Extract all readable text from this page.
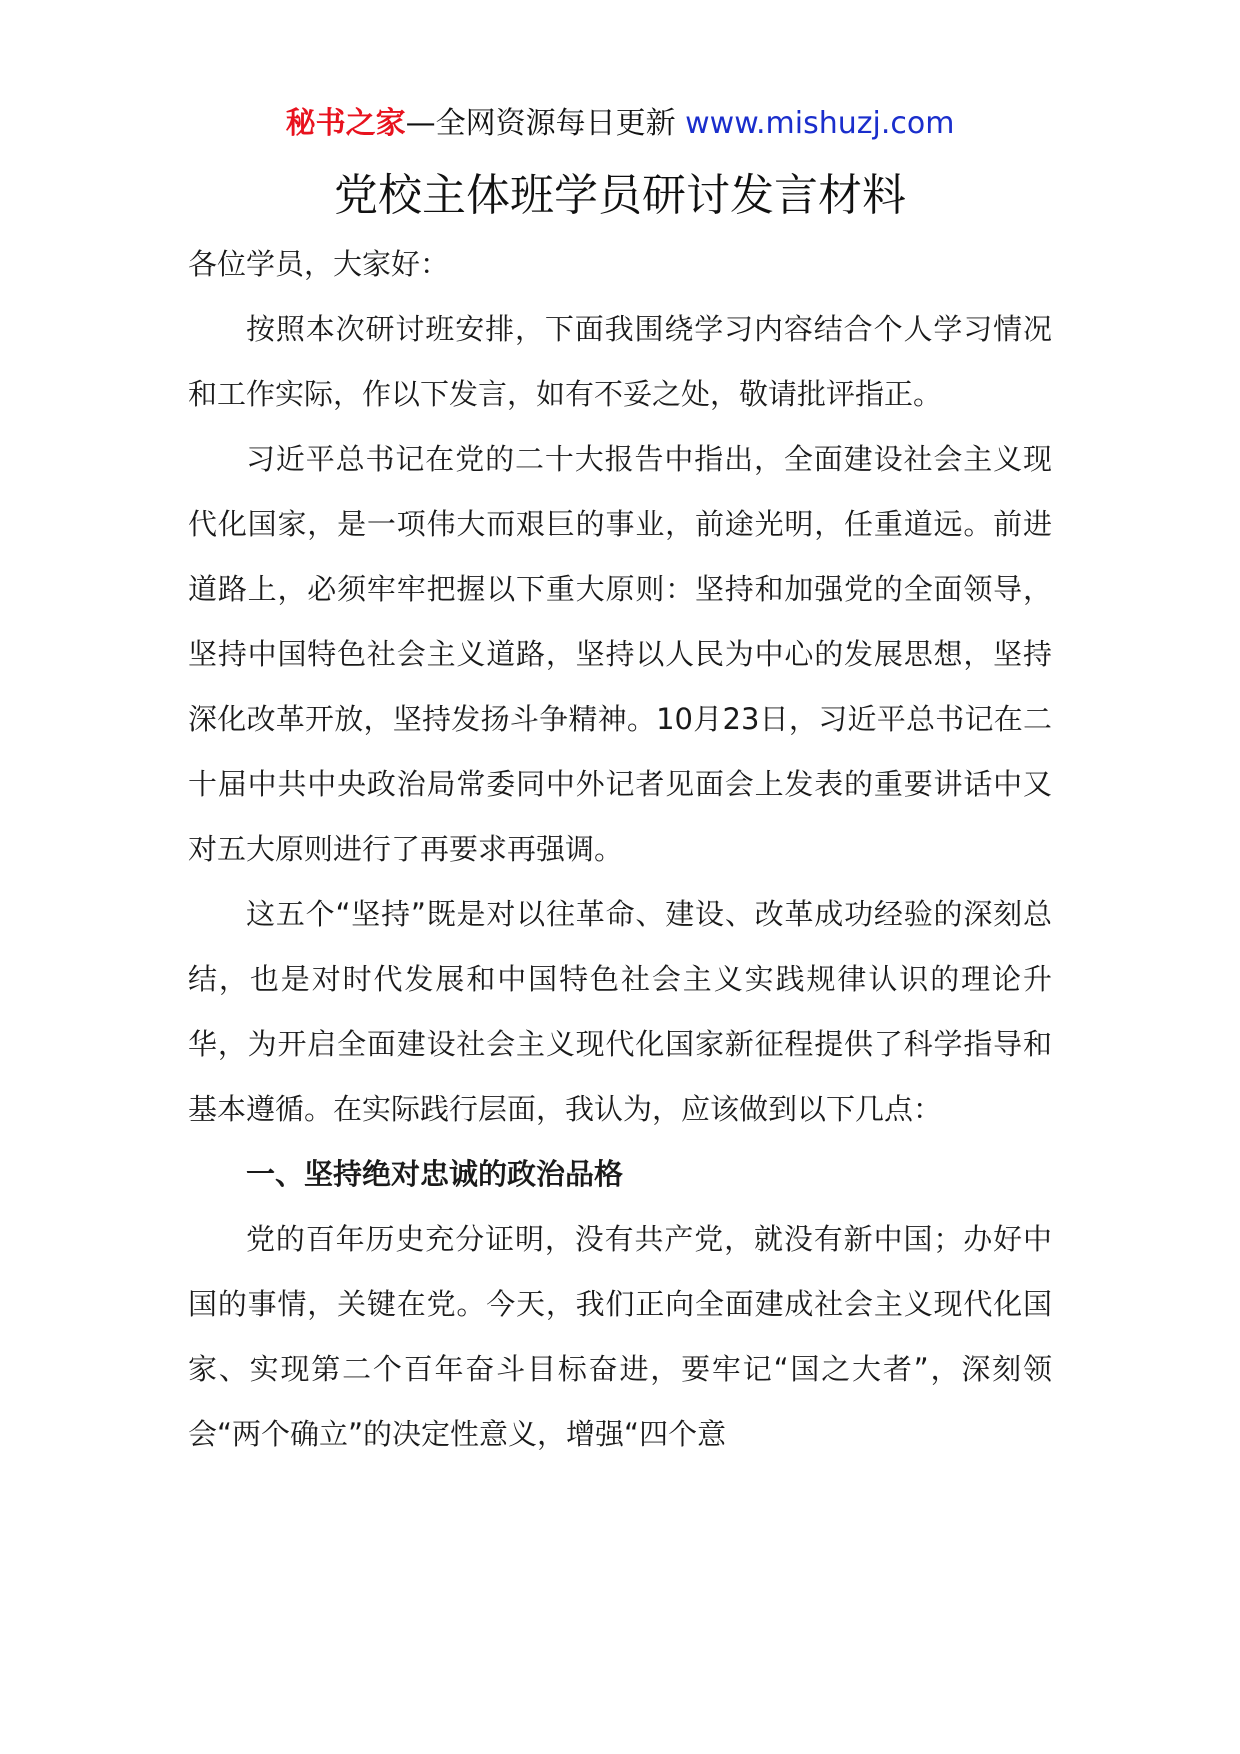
秘书之家—全网资源每日更新 www.mishuzj.com
党校主体班学员研讨发言材料

各位学员，大家好：

按照本次研讨班安排，下面我围绕学习内容结合个人学习情况和工作实际，作以下发言，如有不妥之处，敬请批评指正。

习近平总书记在党的二十大报告中指出，全面建设社会主义现代化国家，是一项伟大而艰巨的事业，前途光明，任重道远。前进道路上，必须牢牢把握以下重大原则：坚持和加强党的全面领导，坚持中国特色社会主义道路，坚持以人民为中心的发展思想，坚持深化改革开放，坚持发扬斗争精神。10月23日，习近平总书记在二十届中共中央政治局常委同中外记者见面会上发表的重要讲话中又对五大原则进行了再要求再强调。

这五个“坚持”既是对以往革命、建设、改革成功经验的深刻总结，也是对时代发展和中国特色社会主义实践规律认识的理论升华，为开启全面建设社会主义现代化国家新征程提供了科学指导和基本遵循。在实际践行层面，我认为，应该做到以下几点：

一、坚持绝对忠诚的政治品格

党的百年历史充分证明，没有共产党，就没有新中国；办好中国的事情，关键在党。今天，我们正向全面建成社会主义现代化国家、实现第二个百年奋斗目标奋进，要牢记“国之大者”，深刻领会“两个确立”的决定性意义，增强“四个意
